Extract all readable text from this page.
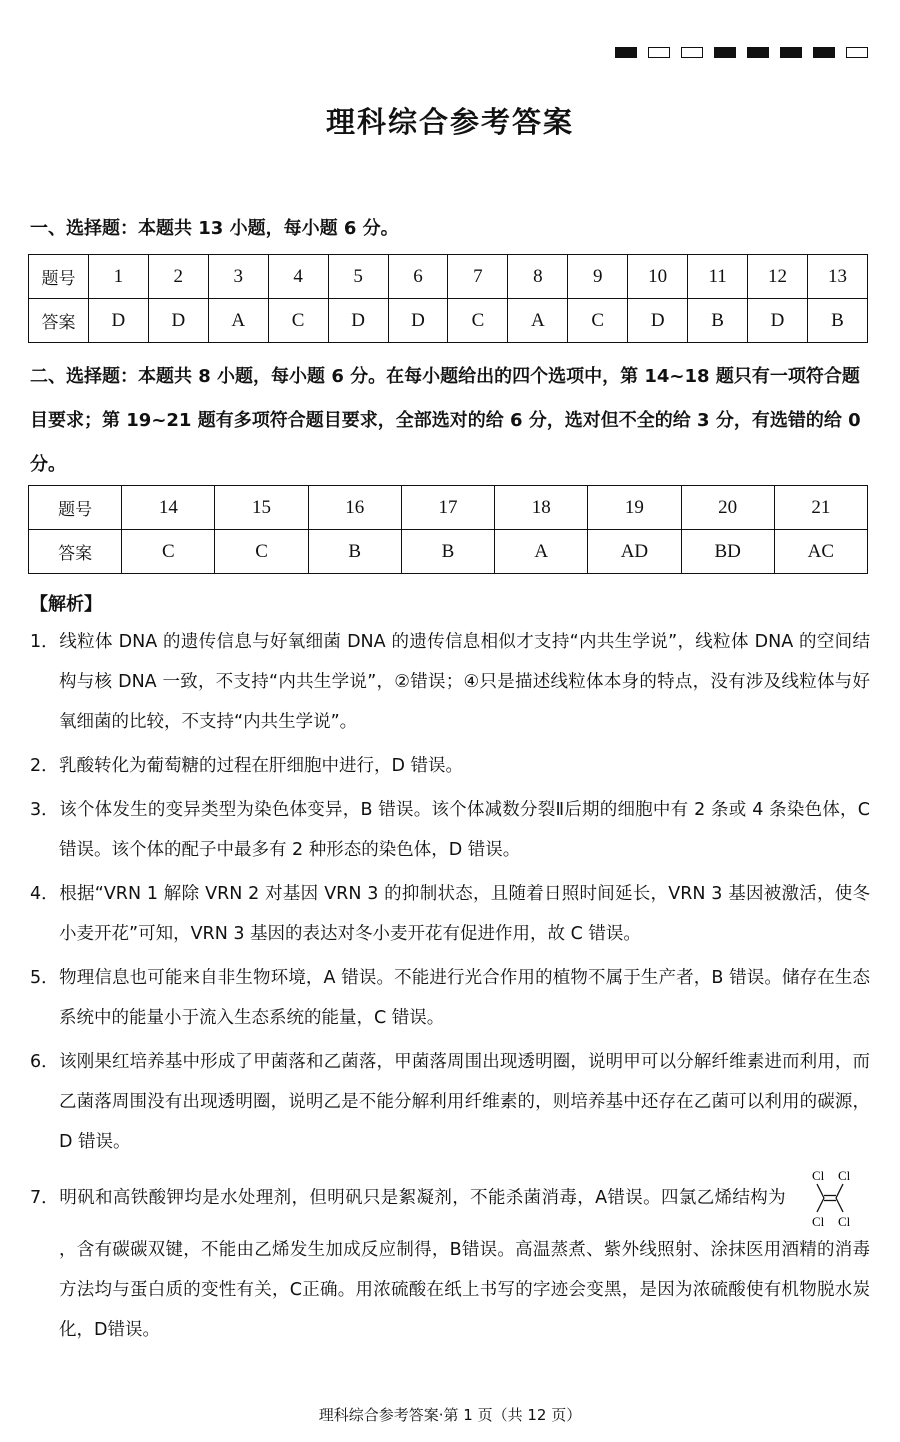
理科综合参考答案
一、选择题：本题共 13 小题，每小题 6 分。
题号	1	2	3	4	5	6	7	8	9	10	11	12	13
答案	D	D	A	C	D	D	C	A	C	D	B	D	B
二、选择题：本题共 8 小题，每小题 6 分。在每小题给出的四个选项中，第 14~18 题只有一项符合题目要求；第 19~21 题有多项符合题目要求，全部选对的给 6 分，选对但不全的给 3 分，有选错的给 0 分。
题号	14	15	16	17	18	19	20	21
答案	C	C	B	B	A	AD	BD	AC
【解析】
1．线粒体 DNA 的遗传信息与好氧细菌 DNA 的遗传信息相似才支持“内共生学说”，线粒体 DNA 的空间结构与核 DNA 一致，不支持“内共生学说”，②错误；④只是描述线粒体本身的特点，没有涉及线粒体与好氧细菌的比较，不支持“内共生学说”。
2．乳酸转化为葡萄糖的过程在肝细胞中进行，D 错误。
3．该个体发生的变异类型为染色体变异，B 错误。该个体减数分裂Ⅱ后期的细胞中有 2 条或 4 条染色体，C 错误。该个体的配子中最多有 2 种形态的染色体，D 错误。
4．根据“VRN 1 解除 VRN 2 对基因 VRN 3 的抑制状态，且随着日照时间延长，VRN 3 基因被激活，使冬小麦开花”可知，VRN 3 基因的表达对冬小麦开花有促进作用，故 C 错误。
5．物理信息也可能来自非生物环境，A 错误。不能进行光合作用的植物不属于生产者，B 错误。储存在生态系统中的能量小于流入生态系统的能量，C 错误。
6．该刚果红培养基中形成了甲菌落和乙菌落，甲菌落周围出现透明圈，说明甲可以分解纤维素进而利用，而乙菌落周围没有出现透明圈，说明乙是不能分解利用纤维素的，则培养基中还存在乙菌可以利用的碳源，D 错误。
7．明矾和高铁酸钾均是水处理剂，但明矾只是絮凝剂，不能杀菌消毒，A错误。四氯乙烯结构为
Cl Cl
Cl Cl
，含有碳碳双键，不能由乙烯发生加成反应制得，B错误。高温蒸煮、紫外线照射、涂抹医用酒精的消毒方法均与蛋白质的变性有关，C正确。用浓硫酸在纸上书写的字迹会变黑，是因为浓硫酸使有机物脱水炭化，D错误。
理科综合参考答案·第 1 页（共 12 页）
